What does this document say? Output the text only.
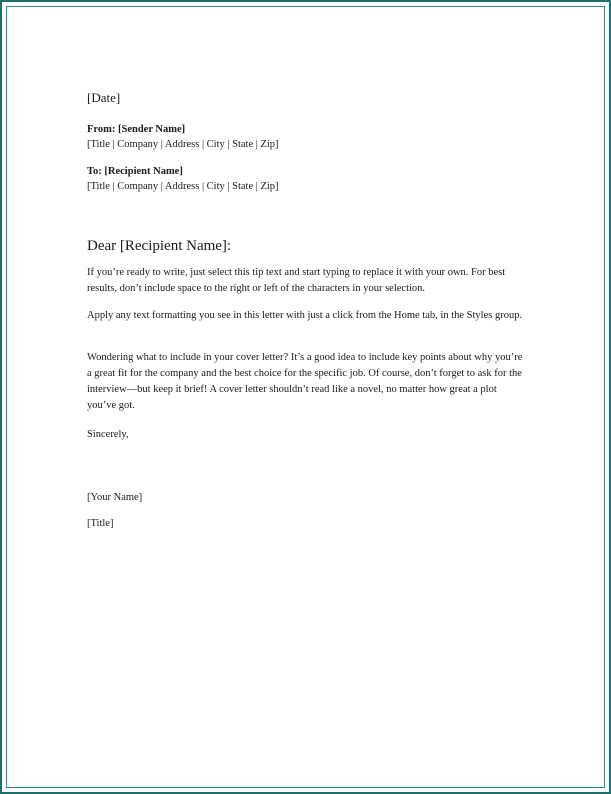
[Date]
From: [Sender Name]
[Title | Company | Address | City | State | Zip]
To: [Recipient Name]
[Title | Company | Address | City | State | Zip]
Dear [Recipient Name]:

If you’re ready to write, just select this tip text and start typing to replace it with your own. For best results, don’t include space to the right or left of the characters in your selection.

Apply any text formatting you see in this letter with just a click from the Home tab, in the Styles group.

Wondering what to include in your cover letter? It’s a good idea to include key points about why you’re a great fit for the company and the best choice for the specific job. Of course, don’t forget to ask for the interview—but keep it brief! A cover letter shouldn’t read like a novel, no matter how great a plot you’ve got.

Sincerely,
[Your Name]
[Title]
